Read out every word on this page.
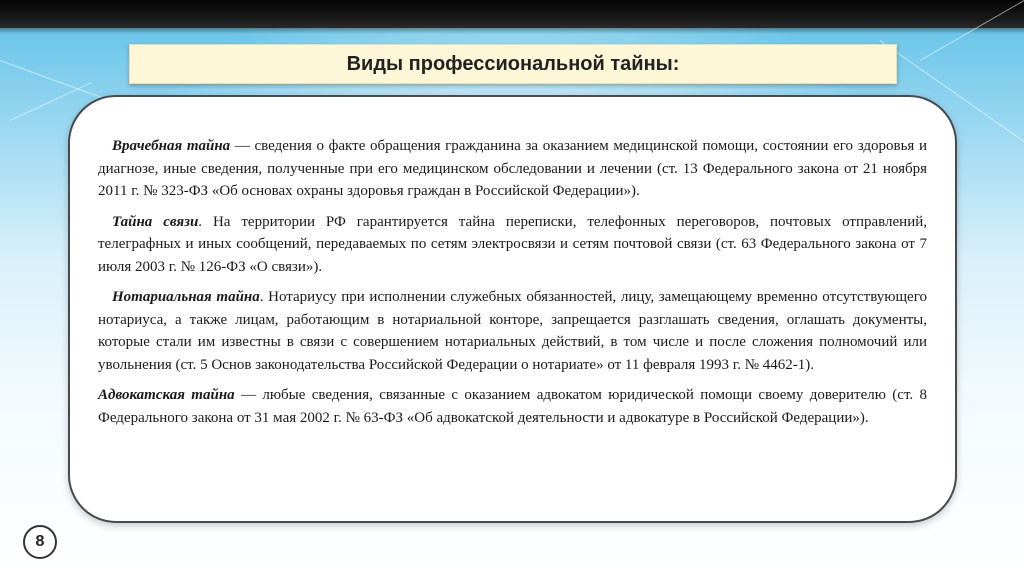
Виды профессиональной тайны:

Врачебная тайна — сведения о факте обращения гражданина за оказанием медицинской помощи, состоянии его здоровья и диагнозе, иные сведения, полученные при его медицинском обследовании и лечении (ст. 13 Федерального закона от 21 ноября 2011 г. № 323-ФЗ «Об основах охраны здоровья граждан в Российской Федерации»).

Тайна связи. На территории РФ гарантируется тайна переписки, телефонных переговоров, почтовых отправлений, телеграфных и иных сообщений, передаваемых по сетям электросвязи и сетям почтовой связи (ст. 63 Федерального закона от 7 июля 2003 г. № 126-ФЗ «О связи»).

Нотариальная тайна. Нотариусу при исполнении служебных обязанностей, лицу, замещающему временно отсутствующего нотариуса, а также лицам, работающим в нотариальной конторе, запрещается разглашать сведения, оглашать документы, которые стали им известны в связи с совершением нотариальных действий, в том числе и после сложения полномочий или увольнения (ст. 5 Основ законодательства Российской Федерации о нотариате» от 11 февраля 1993 г. № 4462-1).

Адвокатская тайна — любые сведения, связанные с оказанием адвокатом юридической помощи своему доверителю (ст. 8 Федерального закона от 31 мая 2002 г. № 63-ФЗ «Об адвокатской деятельности и адвокатуре в Российской Федерации»).

8
